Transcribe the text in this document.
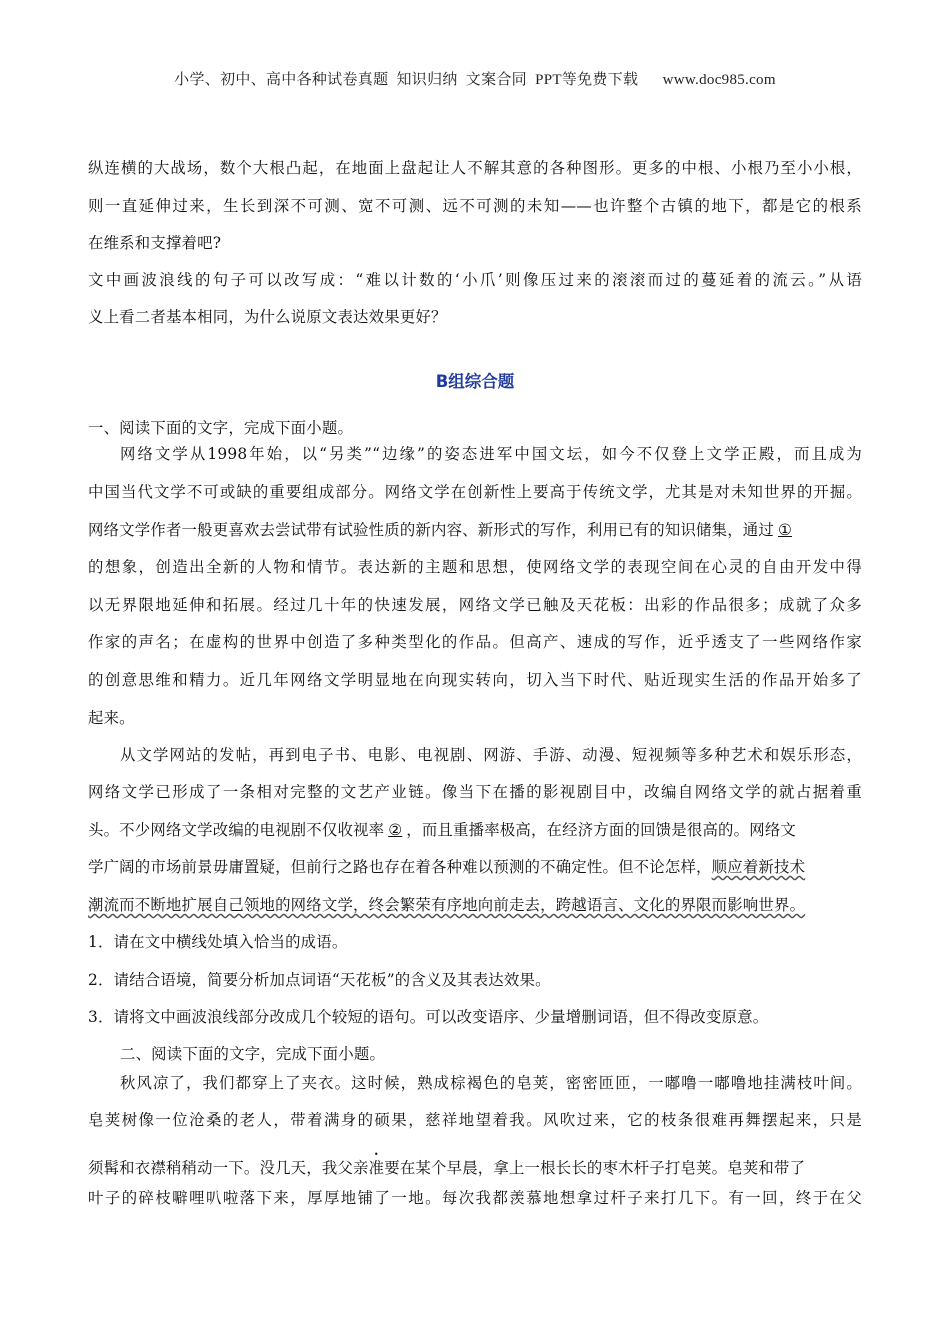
小学、初中、高中各种试卷真题  知识归纳  文案合同  PPT等免费下载      www.doc985.com
纵连横的大战场，数个大根凸起，在地面上盘起让人不解其意的各种图形。更多的中根、小根乃至小小根，
则一直延伸过来，生长到深不可测、宽不可测、远不可测的未知——也许整个古镇的地下，都是它的根系
在维系和支撑着吧?
文中画波浪线的句子可以改写成：“难以计数的‘小爪’则像压过来的滚滚而过的蔓延着的流云。”从语
义上看二者基本相同，为什么说原文表达效果更好？
B组综合题
一、阅读下面的文字，完成下面小题。
网络文学从1998年始，以“另类”“边缘”的姿态进军中国文坛，如今不仅登上文学正殿，而且成为
中国当代文学不可或缺的重要组成部分。网络文学在创新性上要高于传统文学，尤其是对未知世界的开掘。
网络文学作者一般更喜欢去尝试带有试验性质的新内容、新形式的写作，利用已有的知识储集，通过 ①
的想象，创造出全新的人物和情节。表达新的主题和思想，使网络文学的表现空间在心灵的自由开发中得
以无界限地延伸和拓展。经过几十年的快速发展，网络文学已触及天花板：出彩的作品很多；成就了众多
作家的声名；在虚构的世界中创造了多种类型化的作品。但高产、速成的写作，近乎透支了一些网络作家
的创意思维和精力。近几年网络文学明显地在向现实转向，切入当下时代、贴近现实生活的作品开始多了
起来。
从文学网站的发帖，再到电子书、电影、电视剧、网游、手游、动漫、短视频等多种艺术和娱乐形态，
网络文学已形成了一条相对完整的文艺产业链。像当下在播的影视剧目中，改编自网络文学的就占据着重
头。不少网络文学改编的电视剧不仅收视率 ② ，而且重播率极高，在经济方面的回馈是很高的。网络文
学广阔的市场前景毋庸置疑，但前行之路也存在着各种难以预测的不确定性。但不论怎样，顺应着新技术
潮流而不断地扩展自己领地的网络文学，终会繁荣有序地向前走去，跨越语言、文化的界限而影响世界。
1．请在文中横线处填入恰当的成语。
2．请结合语境，简要分析加点词语“天花板”的含义及其表达效果。
3．请将文中画波浪线部分改成几个较短的语句。可以改变语序、少量增删词语，但不得改变原意。
二、阅读下面的文字，完成下面小题。
秋风凉了，我们都穿上了夹衣。这时候，熟成棕褐色的皂荚，密密匝匝，一嘟噜一嘟噜地挂满枝叶间。
皂荚树像一位沧桑的老人，带着满身的硕果，慈祥地望着我。风吹过来，它的枝条很难再舞摆起来，只是
须髯和衣襟稍稍动一下。没几天，我父亲准要在某个早晨，拿上一根长长的枣木杆子打皂荚。皂荚和带了
叶子的碎枝噼哩叭啦落下来，厚厚地铺了一地。每次我都羡慕地想拿过杆子来打几下。有一回，终于在父
